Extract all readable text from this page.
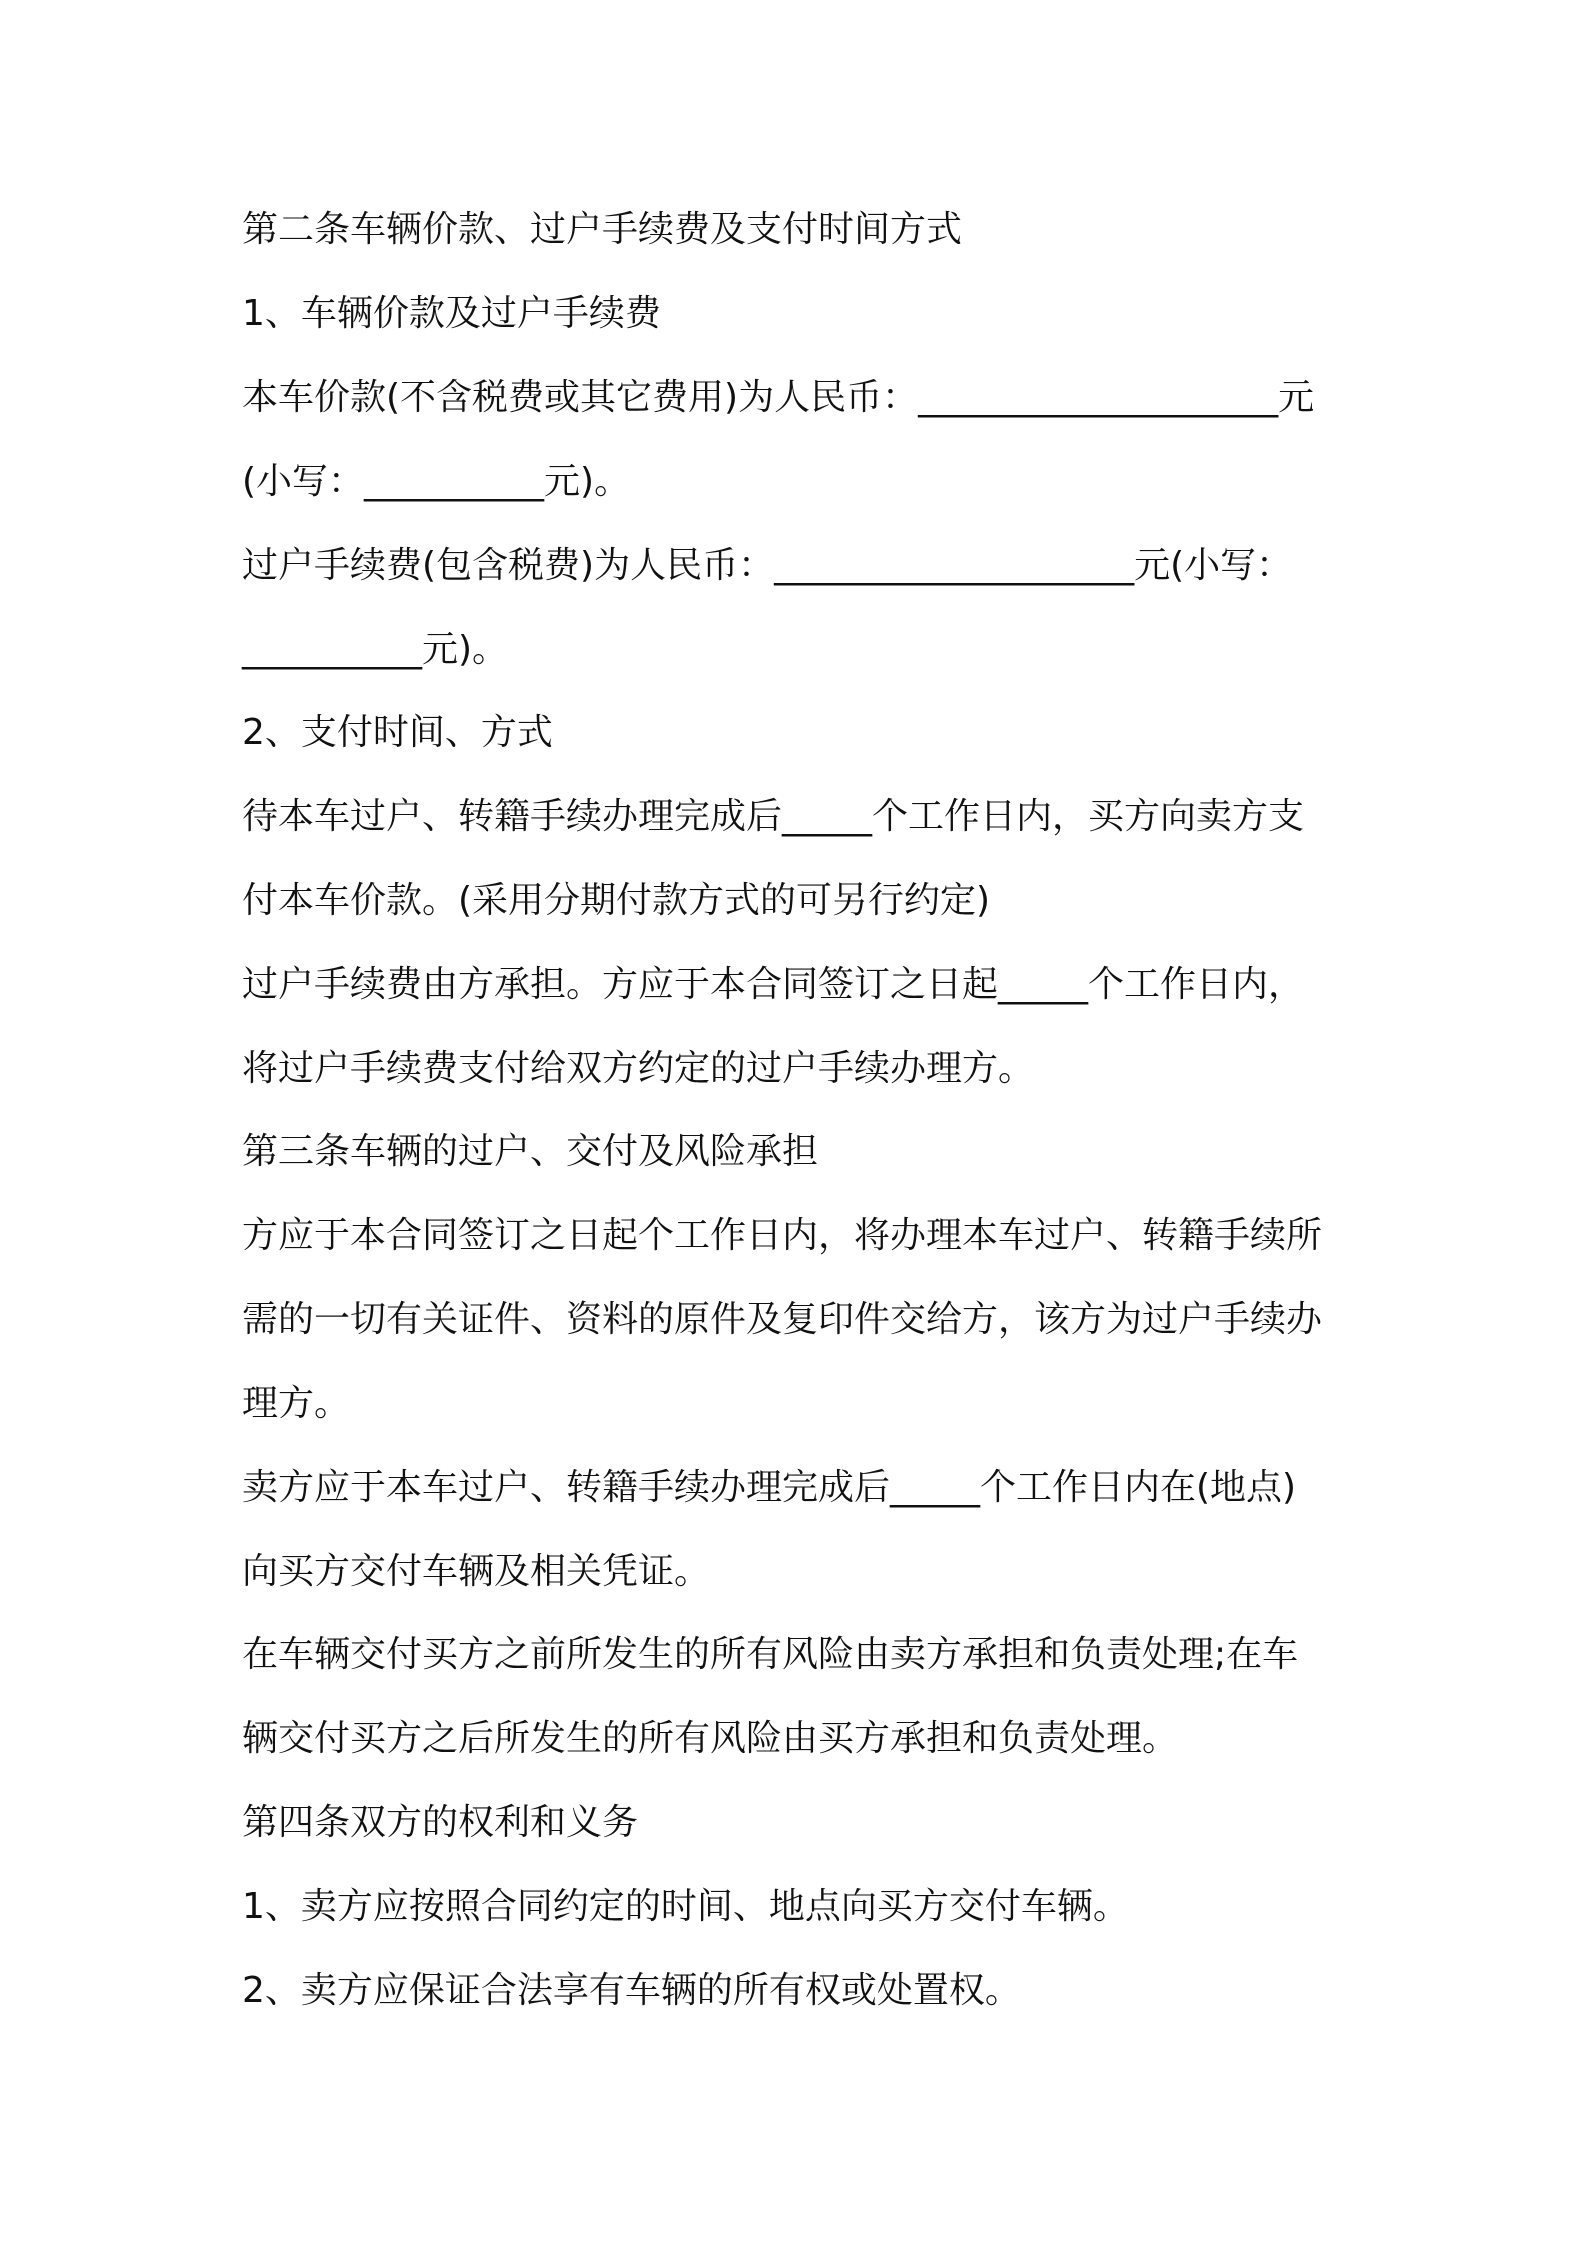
第二条车辆价款、过户手续费及支付时间方式

1、车辆价款及过户手续费

本车价款(不含税费或其它费用)为人民币：____________________元

(小写：__________元)。

过户手续费(包含税费)为人民币：____________________元(小写：

__________元)。

2、支付时间、方式

待本车过户、转籍手续办理完成后_____个工作日内，买方向卖方支

付本车价款。(采用分期付款方式的可另行约定)

过户手续费由方承担。方应于本合同签订之日起_____个工作日内，

将过户手续费支付给双方约定的过户手续办理方。

第三条车辆的过户、交付及风险承担

方应于本合同签订之日起个工作日内，将办理本车过户、转籍手续所

需的一切有关证件、资料的原件及复印件交给方，该方为过户手续办

理方。

卖方应于本车过户、转籍手续办理完成后_____个工作日内在(地点)

向买方交付车辆及相关凭证。

在车辆交付买方之前所发生的所有风险由卖方承担和负责处理;在车

辆交付买方之后所发生的所有风险由买方承担和负责处理。

第四条双方的权利和义务

1、卖方应按照合同约定的时间、地点向买方交付车辆。

2、卖方应保证合法享有车辆的所有权或处置权。
